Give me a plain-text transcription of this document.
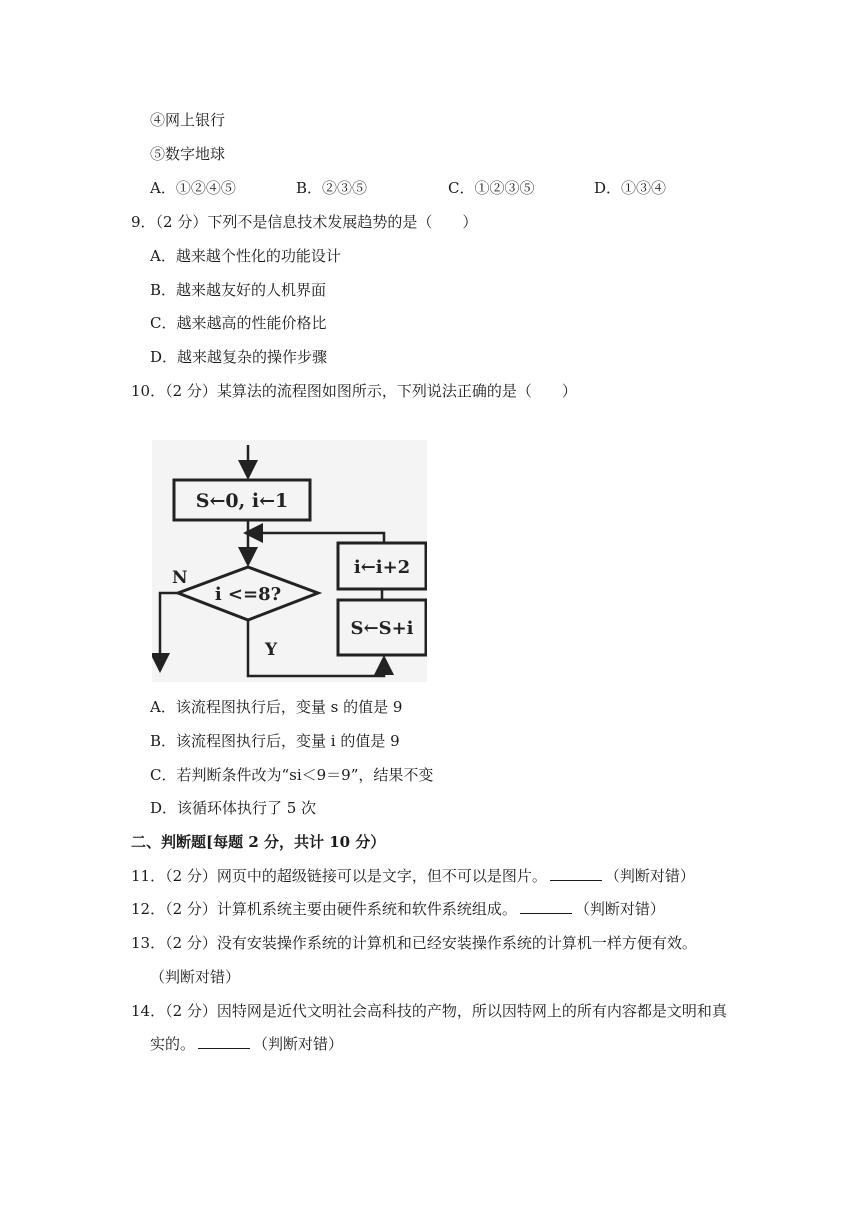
④网上银行
⑤数字地球
A．①②④⑤	B．②③⑤	C．①②③⑤	D．①③④
9．（2 分）下列不是信息技术发展趋势的是（　　）
A．越来越个性化的功能设计
B．越来越友好的人机界面
C．越来越高的性能价格比
D．越来越复杂的操作步骤
10．（2 分）某算法的流程图如图所示，下列说法正确的是（　　）
S←0, i←1
i <=8?
N
Y
i←i+2
S←S+i
A．该流程图执行后，变量 s 的值是 9
B．该流程图执行后，变量 i 的值是 9
C．若判断条件改为“si＜9＝9”，结果不变
D．该循环体执行了 5 次
二、判断题[每题 2 分，共计 10 分）
11．（2 分）网页中的超级链接可以是文字，但不可以是图片。	（判断对错）
12．（2 分）计算机系统主要由硬件系统和软件系统组成。	（判断对错）
13．（2 分）没有安装操作系统的计算机和已经安装操作系统的计算机一样方便有效。
（判断对错）
14．（2 分）因特网是近代文明社会高科技的产物，所以因特网上的所有内容都是文明和真
实的。	（判断对错）
